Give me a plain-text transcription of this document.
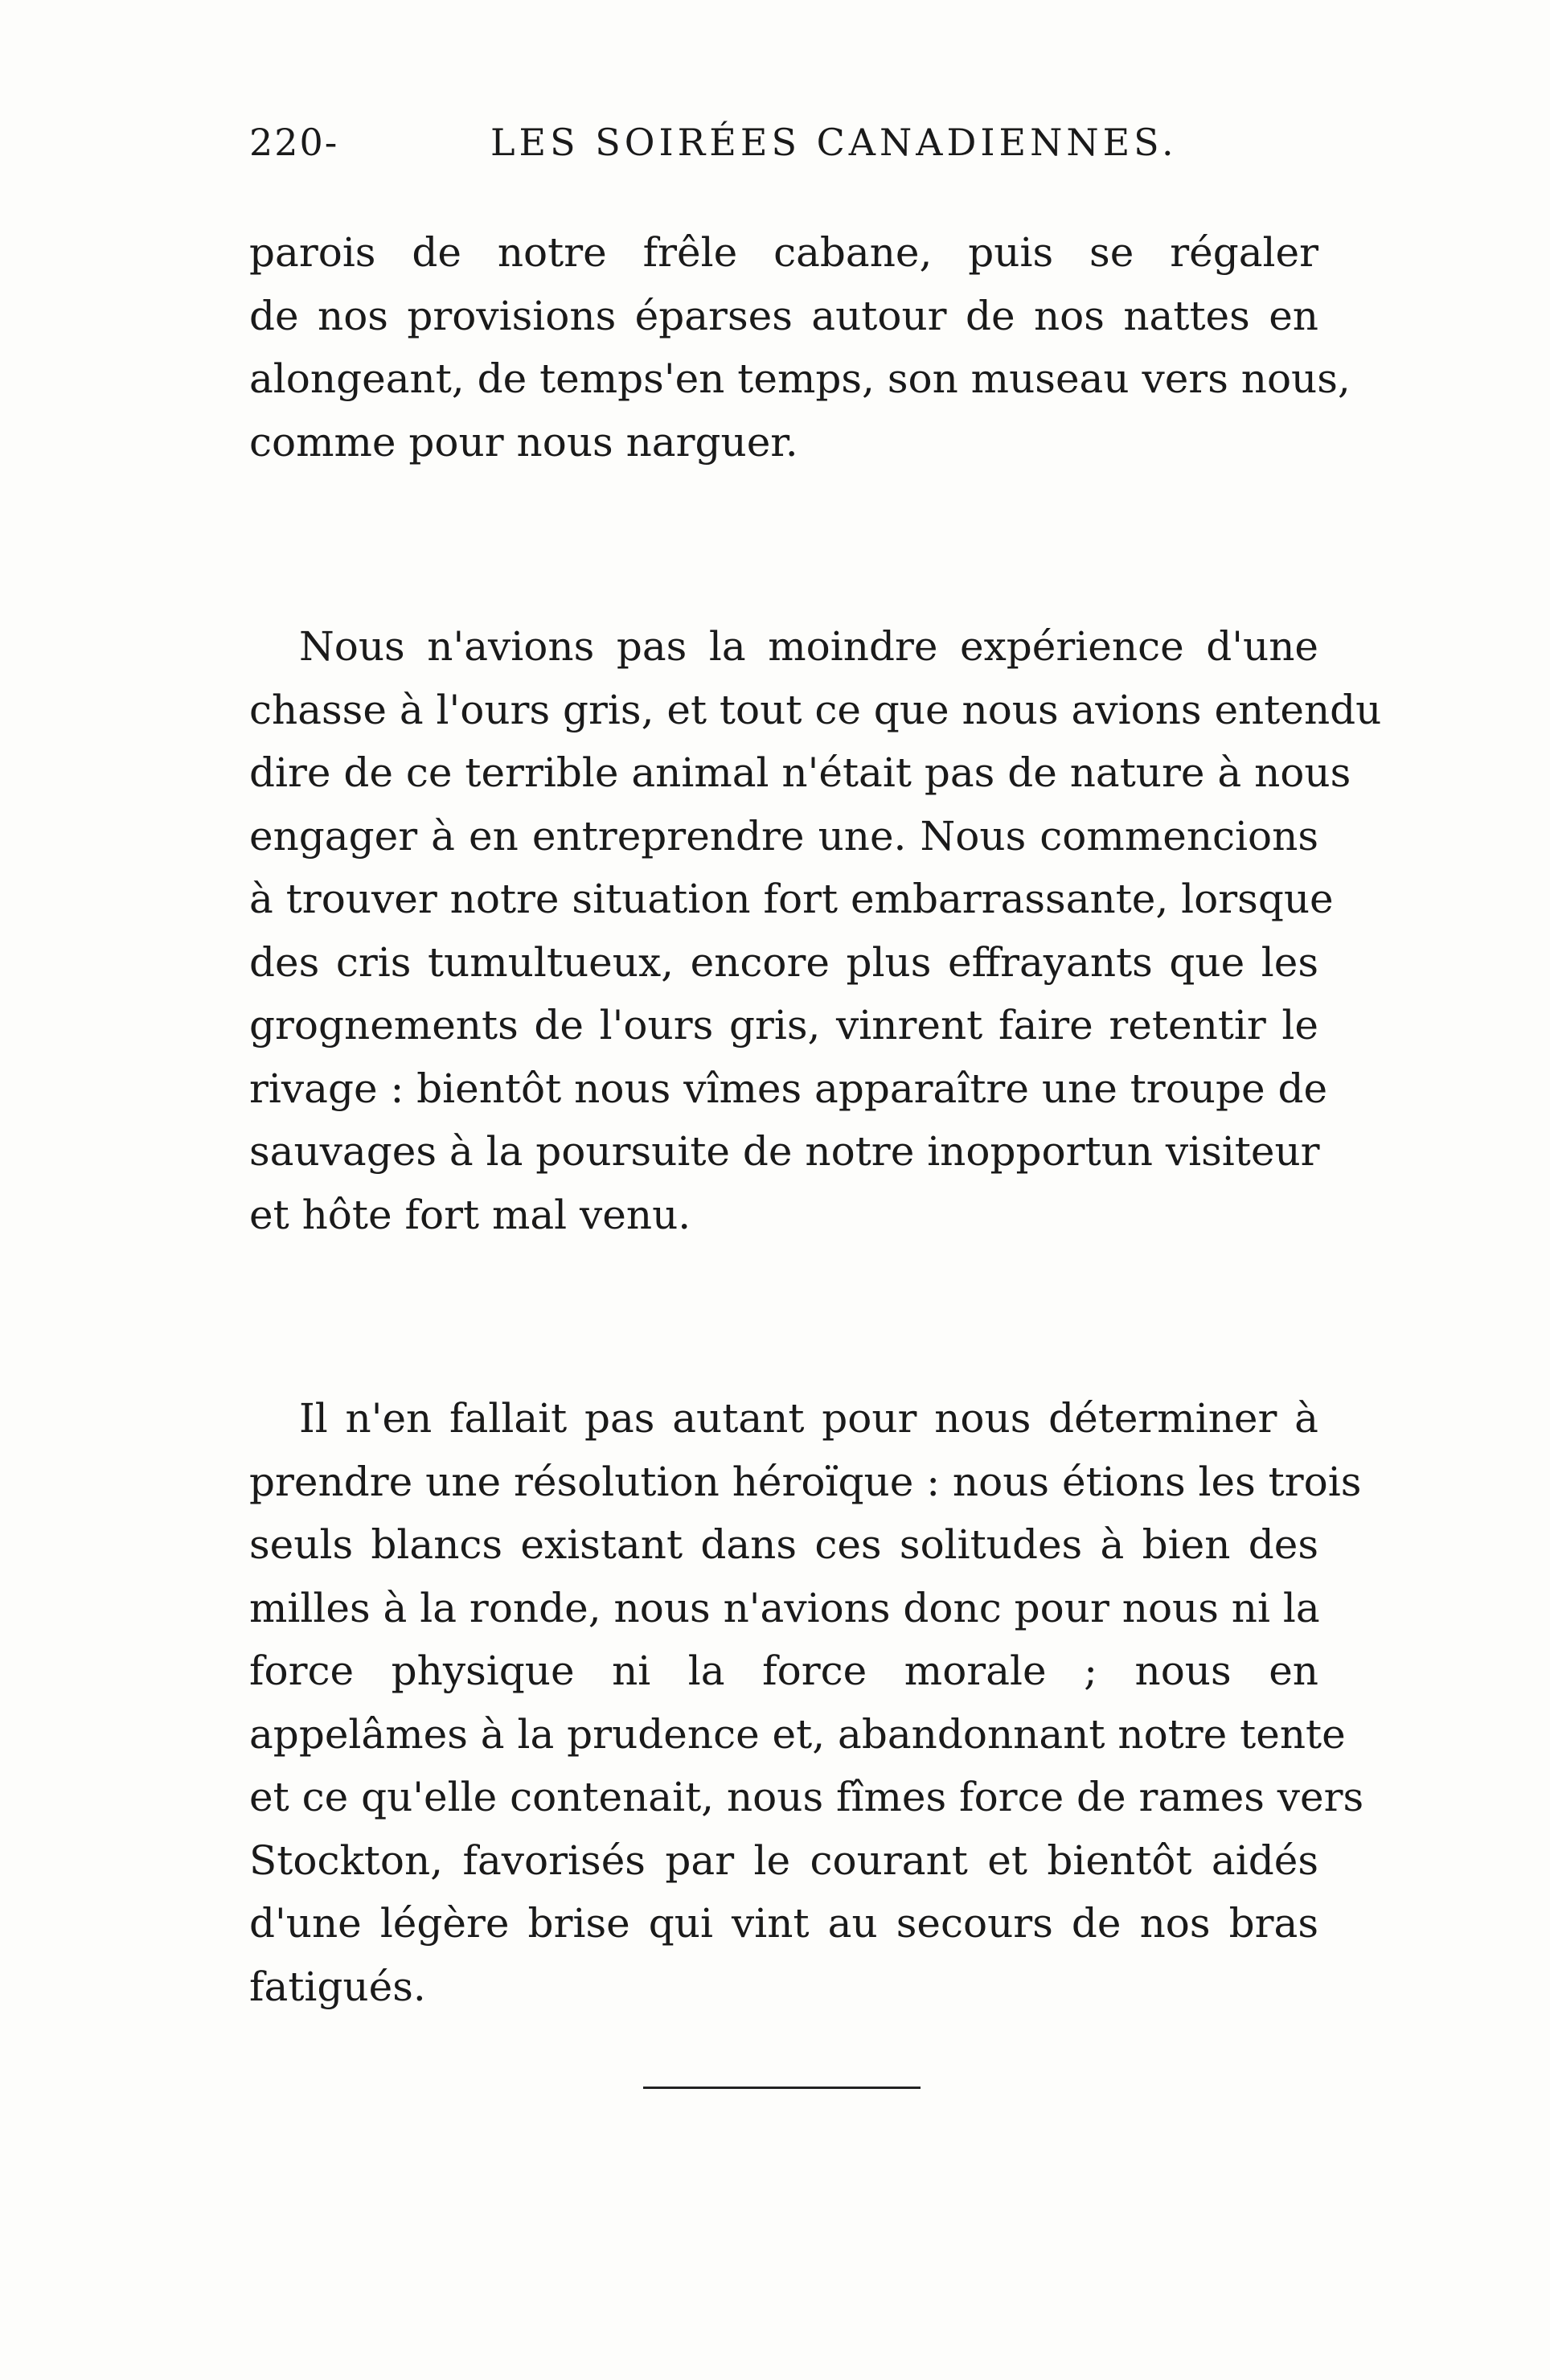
220-	LES SOIRÉES CANADIENNES.
parois de notre frêle cabane, puis se régaler
de nos provisions éparses autour de nos nattes en
alongeant, de temps'en temps, son museau vers nous,
comme pour nous narguer.
Nous n'avions pas la moindre expérience d'une
chasse à l'ours gris, et tout ce que nous avions entendu
dire de ce terrible animal n'était pas de nature à nous
engager à en entreprendre une. Nous commencions
à trouver notre situation fort embarrassante, lorsque
des cris tumultueux, encore plus effrayants que les
grognements de l'ours gris, vinrent faire retentir le
rivage : bientôt nous vîmes apparaître une troupe de
sauvages à la poursuite de notre inopportun visiteur
et hôte fort mal venu.
Il n'en fallait pas autant pour nous déterminer à
prendre une résolution héroïque : nous étions les trois
seuls blancs existant dans ces solitudes à bien des
milles à la ronde, nous n'avions donc pour nous ni la
force physique ni la force morale ; nous en
appelâmes à la prudence et, abandonnant notre tente
et ce qu'elle contenait, nous fîmes force de rames vers
Stockton, favorisés par le courant et bientôt aidés
d'une légère brise qui vint au secours de nos bras
fatigués.
